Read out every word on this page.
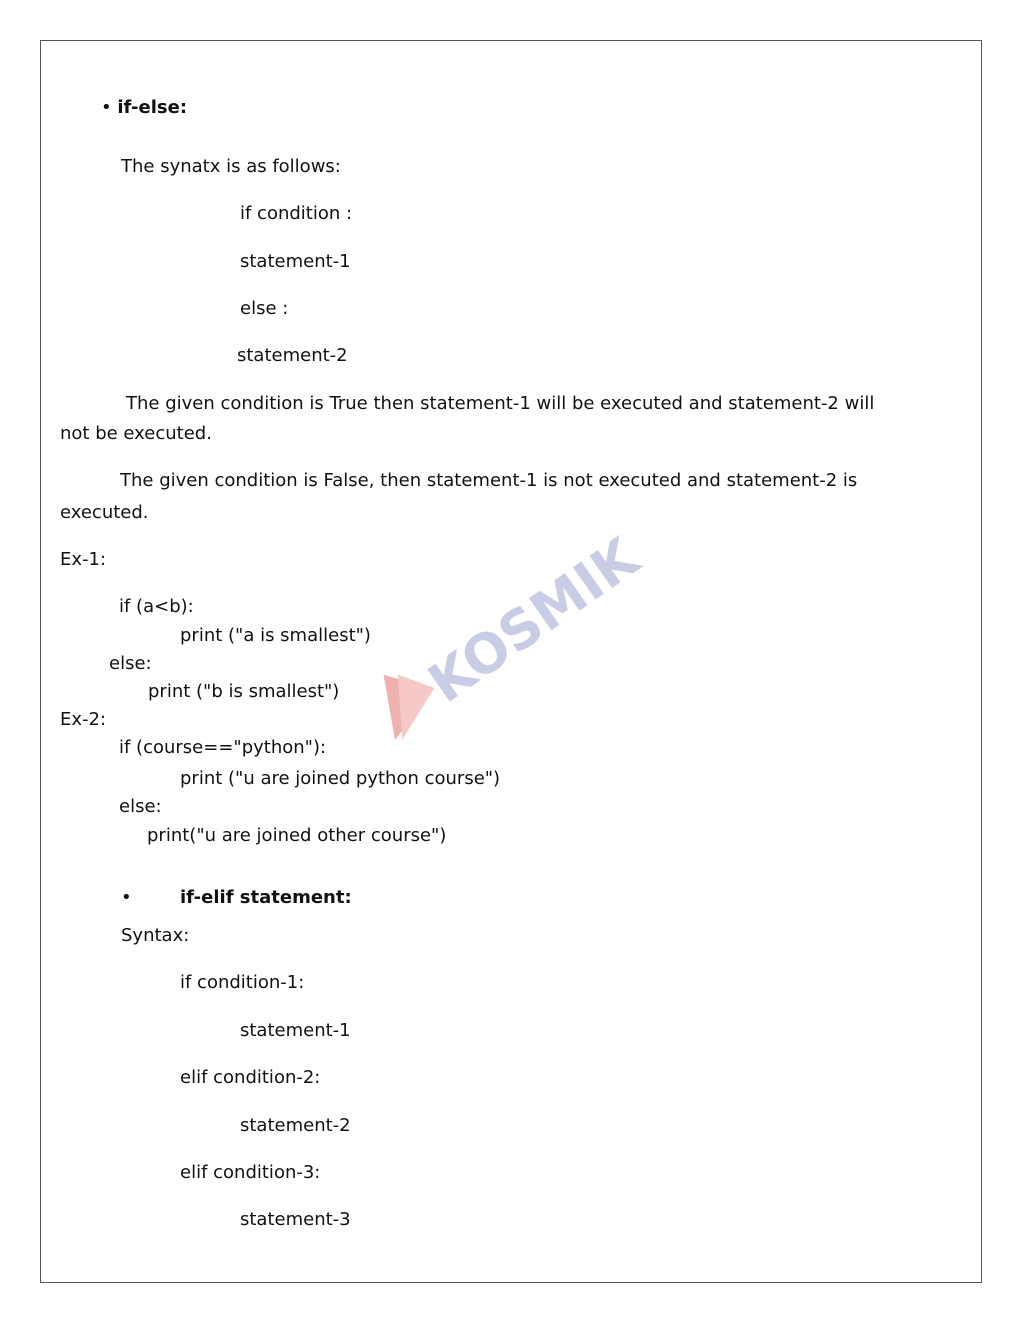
KOSMIK
• if-else:
The synatx is as follows:
if condition :
statement-1
else :
statement-2
The given condition is True then statement-1 will be executed and statement-2 will
not be executed.
The given condition is False, then statement-1 is not executed and statement-2 is
executed.
Ex-1:
if (a<b):
print ("a is smallest")
else:
print ("b is smallest")
Ex-2:
if (course=="python"):
print ("u are joined python course")
else:
print("u are joined other course")
•	if-elif statement:
Syntax:
if condition-1:
statement-1
elif condition-2:
statement-2
elif condition-3:
statement-3
